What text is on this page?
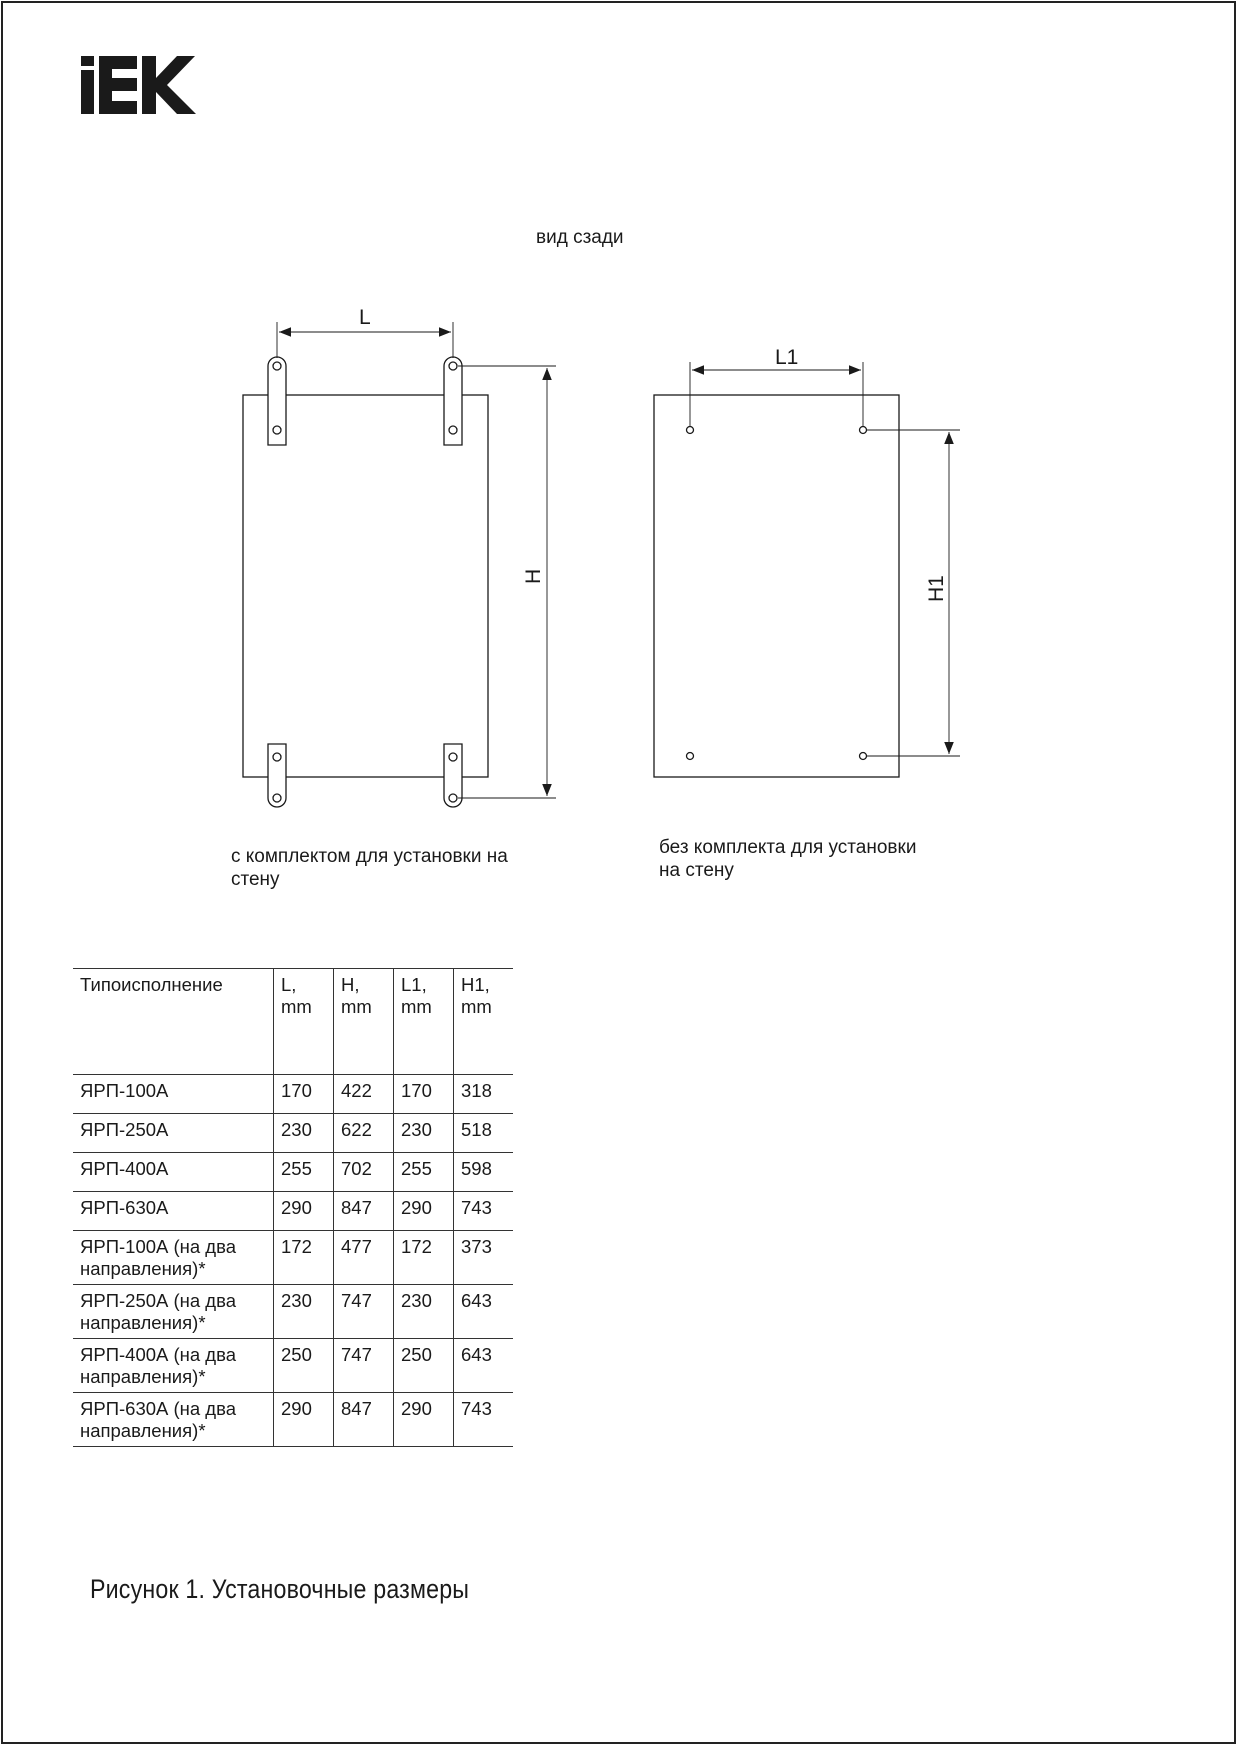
вид сзади
L
H
L1
H1
с комплектом для установки на стену
без комплекта для установки на стену
Типоисполнение	L, mm	H, mm	L1, mm	H1, mm
ЯРП-100А	170	422	170	318
ЯРП-250А	230	622	230	518
ЯРП-400А	255	702	255	598
ЯРП-630А	290	847	290	743
ЯРП-100А (на два направления)*	172	477	172	373
ЯРП-250А (на два направления)*	230	747	230	643
ЯРП-400А (на два направления)*	250	747	250	643
ЯРП-630А (на два направления)*	290	847	290	743
Рисунок 1. Установочные размеры
